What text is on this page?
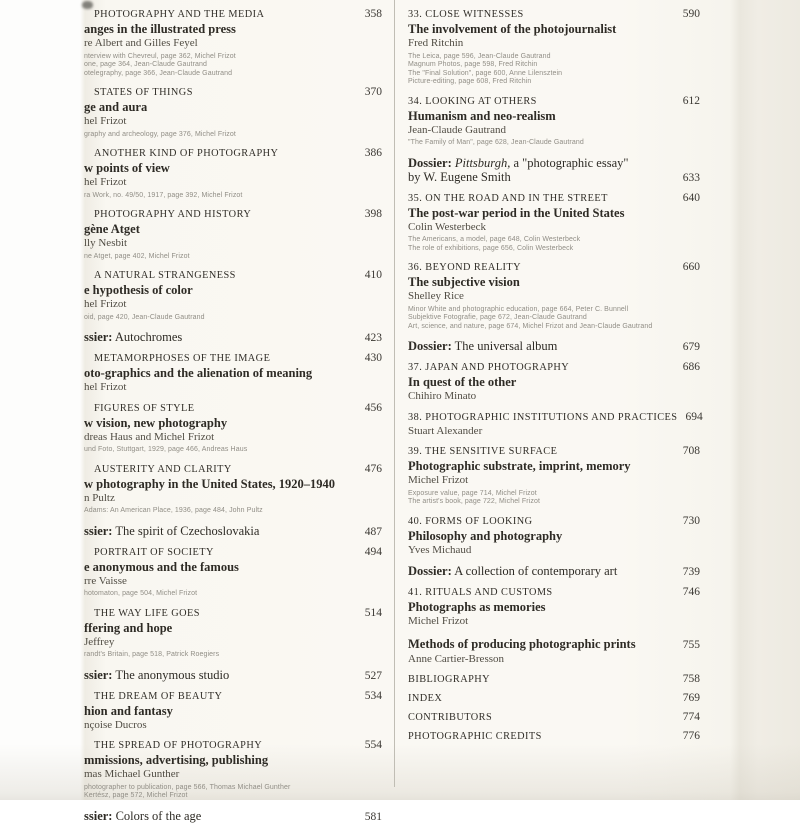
PHOTOGRAPHY AND THE MEDIA	358
anges in the illustrated press
re Albert and Gilles Feyel
nterview with Chevreul, page 362, Michel Frizot
one, page 364, Jean-Claude Gautrand
otelegraphy, page 366, Jean-Claude Gautrand
STATES OF THINGS	370
ge and aura
hel Frizot
graphy and archeology, page 376, Michel Frizot
ANOTHER KIND OF PHOTOGRAPHY	386
w points of view
hel Frizot
ra Work, no. 49/50, 1917, page 392, Michel Frizot
PHOTOGRAPHY AND HISTORY	398
gène Atget
lly Nesbit
ne Atget, page 402, Michel Frizot
A NATURAL STRANGENESS	410
e hypothesis of color
hel Frizot
oid, page 420, Jean-Claude Gautrand
ssier: Autochromes	423
METAMORPHOSES OF THE IMAGE	430
oto-graphics and the alienation of meaning
hel Frizot
FIGURES OF STYLE	456
w vision, new photography
dreas Haus and Michel Frizot
und Foto, Stuttgart, 1929, page 466, Andreas Haus
AUSTERITY AND CLARITY	476
w photography in the United States, 1920–1940
n Pultz
Adams: An American Place, 1936, page 484, John Pultz
ssier: The spirit of Czechoslovakia	487
PORTRAIT OF SOCIETY	494
e anonymous and the famous
rre Vaisse
hotomaton, page 504, Michel Frizot
THE WAY LIFE GOES	514
ffering and hope
Jeffrey
randt's Britain, page 518, Patrick Roegiers
ssier: The anonymous studio	527
THE DREAM OF BEAUTY	534
hion and fantasy
nçoise Ducros
THE SPREAD OF PHOTOGRAPHY	554
mmissions, advertising, publishing
mas Michael Gunther
photographer to publication, page 566, Thomas Michael Gunther
Kertész, page 572, Michel Frizot
ssier: Colors of the age	581
33. CLOSE WITNESSES	590
The involvement of the photojournalist
Fred Ritchin
The Leica, page 596, Jean-Claude Gautrand
Magnum Photos, page 598, Fred Ritchin
The "Final Solution", page 600, Anne Lilensztein
Picture-editing, page 608, Fred Ritchin
34. LOOKING AT OTHERS	612
Humanism and neo-realism
Jean-Claude Gautrand
"The Family of Man", page 628, Jean-Claude Gautrand
Dossier: Pittsburgh, a "photographic essay"
by W. Eugene Smith	633
35. ON THE ROAD AND IN THE STREET	640
The post-war period in the United States
Colin Westerbeck
The Americans, a model, page 648, Colin Westerbeck
The role of exhibitions, page 656, Colin Westerbeck
36. BEYOND REALITY	660
The subjective vision
Shelley Rice
Minor White and photographic education, page 664, Peter C. Bunnell
Subjektive Fotografie, page 672, Jean-Claude Gautrand
Art, science, and nature, page 674, Michel Frizot and Jean-Claude Gautrand
Dossier: The universal album	679
37. JAPAN AND PHOTOGRAPHY	686
In quest of the other
Chihiro Minato
38. PHOTOGRAPHIC INSTITUTIONS AND PRACTICES 694
Stuart Alexander
39. THE SENSITIVE SURFACE	708
Photographic substrate, imprint, memory
Michel Frizot
Exposure value, page 714, Michel Frizot
The artist's book, page 722, Michel Frizot
40. FORMS OF LOOKING	730
Philosophy and photography
Yves Michaud
Dossier: A collection of contemporary art	739
41. RITUALS AND CUSTOMS	746
Photographs as memories
Michel Frizot
Methods of producing photographic prints	755
Anne Cartier-Bresson
BIBLIOGRAPHY	758
INDEX	769
CONTRIBUTORS	774
PHOTOGRAPHIC CREDITS	776
